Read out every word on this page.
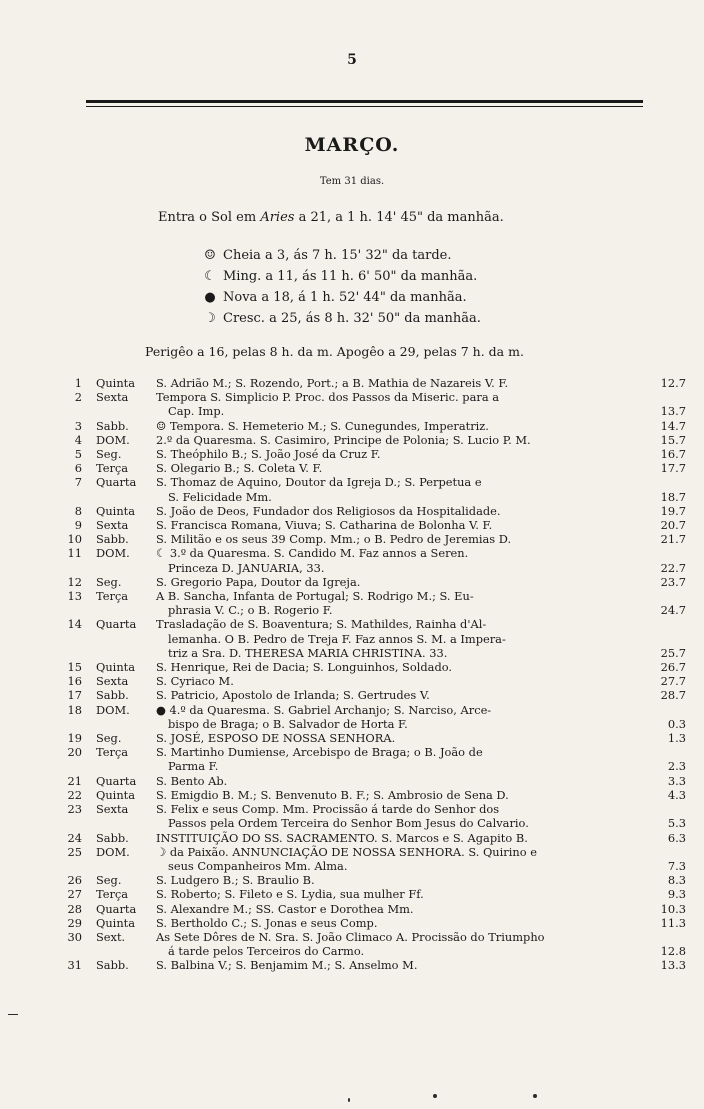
5
MARÇO.
Tem 31 dias.
Entra o Sol em Aries a 21, a 1 h. 14' 45" da manhãa.
☺ Cheia a 3, ás 7 h. 15' 32" da tarde.
☾ Ming. a 11, ás 11 h. 6' 50" da manhãa.
● Nova a 18, á 1 h. 52' 44" da manhãa.
☽ Cresc. a 25, ás 8 h. 32' 50" da manhãa.
Perigêo a 16, pelas 8 h. da m. Apogêo a 29, pelas 7 h. da m.
1	Quinta	S. Adrião M.; S. Rozendo, Port.; a B. Mathia de Nazareis V. F.	12.7
2	Sexta	Tempora S. Simplicio P. Proc. dos Passos da Miseric. para a
Cap. Imp.	13.7
3	Sabb.	☺ Tempora. S. Hemeterio M.; S. Cunegundes, Imperatriz.	14.7
4	DOM.	2.º da Quaresma. S. Casimiro, Principe de Polonia; S. Lucio P. M.	15.7
5	Seg.	S. Theóphilo B.; S. João José da Cruz F.	16.7
6	Terça	S. Olegario B.; S. Coleta V. F.	17.7
7	Quarta	S. Thomaz de Aquino, Doutor da Igreja D.; S. Perpetua e
S. Felicidade Mm.	18.7
8	Quinta	S. João de Deos, Fundador dos Religiosos da Hospitalidade.	19.7
9	Sexta	S. Francisca Romana, Viuva; S. Catharina de Bolonha V. F.	20.7
10	Sabb.	S. Militão e os seus 39 Comp. Mm.; o B. Pedro de Jeremias D.	21.7
11	DOM.	☾ 3.º da Quaresma. S. Candido M. Faz annos a Seren.
Princeza D. JANUARIA, 33.	22.7
12	Seg.	S. Gregorio Papa, Doutor da Igreja.	23.7
13	Terça	A B. Sancha, Infanta de Portugal; S. Rodrigo M.; S. Eu-
phrasia V. C.; o B. Rogerio F.	24.7
14	Quarta	Trasladação de S. Boaventura; S. Mathildes, Rainha d'Al-
lemanha. O B. Pedro de Treja F. Faz annos S. M. a Impera-
triz a Sra. D. THERESA MARIA CHRISTINA. 33.	25.7
15	Quinta	S. Henrique, Rei de Dacia; S. Longuinhos, Soldado.	26.7
16	Sexta	S. Cyriaco M.	27.7
17	Sabb.	S. Patricio, Apostolo de Irlanda; S. Gertrudes V.	28.7
18	DOM.	● 4.º da Quaresma. S. Gabriel Archanjo; S. Narciso, Arce-
bispo de Braga; o B. Salvador de Horta F.	0.3
19	Seg.	S. JOSÉ, ESPOSO DE NOSSA SENHORA.	1.3
20	Terça	S. Martinho Dumiense, Arcebispo de Braga; o B. João de
Parma F.	2.3
21	Quarta	S. Bento Ab.	3.3
22	Quinta	S. Emigdio B. M.; S. Benvenuto B. F.; S. Ambrosio de Sena D.	4.3
23	Sexta	S. Felix e seus Comp. Mm. Procissão á tarde do Senhor dos
Passos pela Ordem Terceira do Senhor Bom Jesus do Calvario.	5.3
24	Sabb.	INSTITUIÇÃO DO SS. SACRAMENTO. S. Marcos e S. Agapito B.	6.3
25	DOM.	☽ da Paixão. ANNUNCIAÇÃO DE NOSSA SENHORA. S. Quirino e
seus Companheiros Mm. Alma.	7.3
26	Seg.	S. Ludgero B.; S. Braulio B.	8.3
27	Terça	S. Roberto; S. Fileto e S. Lydia, sua mulher Ff.	9.3
28	Quarta	S. Alexandre M.; SS. Castor e Dorothea Mm.	10.3
29	Quinta	S. Bertholdo C.; S. Jonas e seus Comp.	11.3
30	Sext.	As Sete Dôres de N. Sra. S. João Climaco A. Procissão do Triumpho
á tarde pelos Terceiros do Carmo.	12.8
31	Sabb.	S. Balbina V.; S. Benjamim M.; S. Anselmo M.	13.3
